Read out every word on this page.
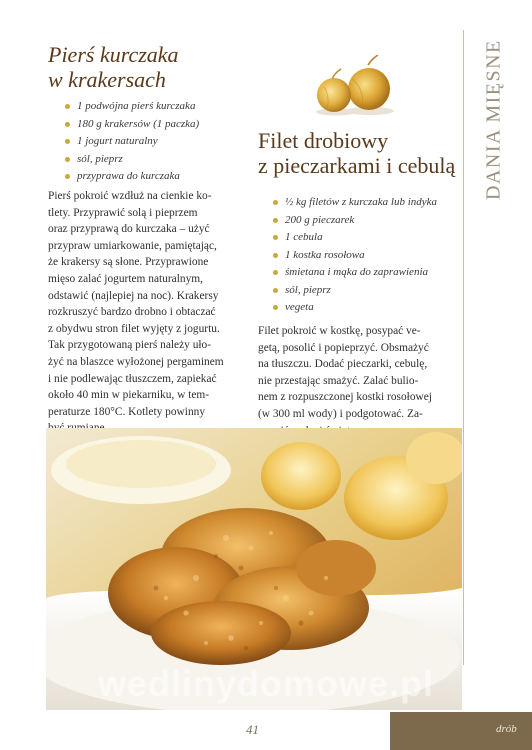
DANIA MIĘSNE
Pierś kurczaka
w krakersach
1 podwójna pierś kurczaka
180 g krakersów (1 paczka)
1 jogurt naturalny
sól, pieprz
przyprawa do kurczaka

Pierś pokroić wzdłuż na cienkie ko-
tlety. Przyprawić solą i pieprzem
oraz przyprawą do kurczaka – użyć
przypraw umiarkowanie, pamiętając,
że krakersy są słone. Przyprawione
mięso zalać jogurtem naturalnym,
odstawić (najlepiej na noc). Krakersy
rozkruszyć bardzo drobno i obtaczać
z obydwu stron filet wyjęty z jogurtu.
Tak przygotowaną pierś należy uło-
żyć na blaszce wyłożonej pergaminem
i nie podlewając tłuszczem, zapiekać
około 40 min w piekarniku, w tem-
peraturze 180°C. Kotlety powinny

Filet drobiowy
z pieczarkami i cebulą
½ kg filetów z kurczaka lub indyka
200 g pieczarek
1 cebula
1 kostka rosołowa
śmietana i mąka do zaprawienia
sól, pieprz
vegeta

Filet pokroić w kostkę, posypać ve-
getą, posolić i popieprzyć. Obsmażyć
na tłuszczu. Dodać pieczarki, cebulę,
nie przestając smażyć. Zalać bulio-
nem z rozpuszczonej kostki rosołowej
(w 300 ml wody) i podgotować. Za-

wedlinydomowe.pl
drób
41
